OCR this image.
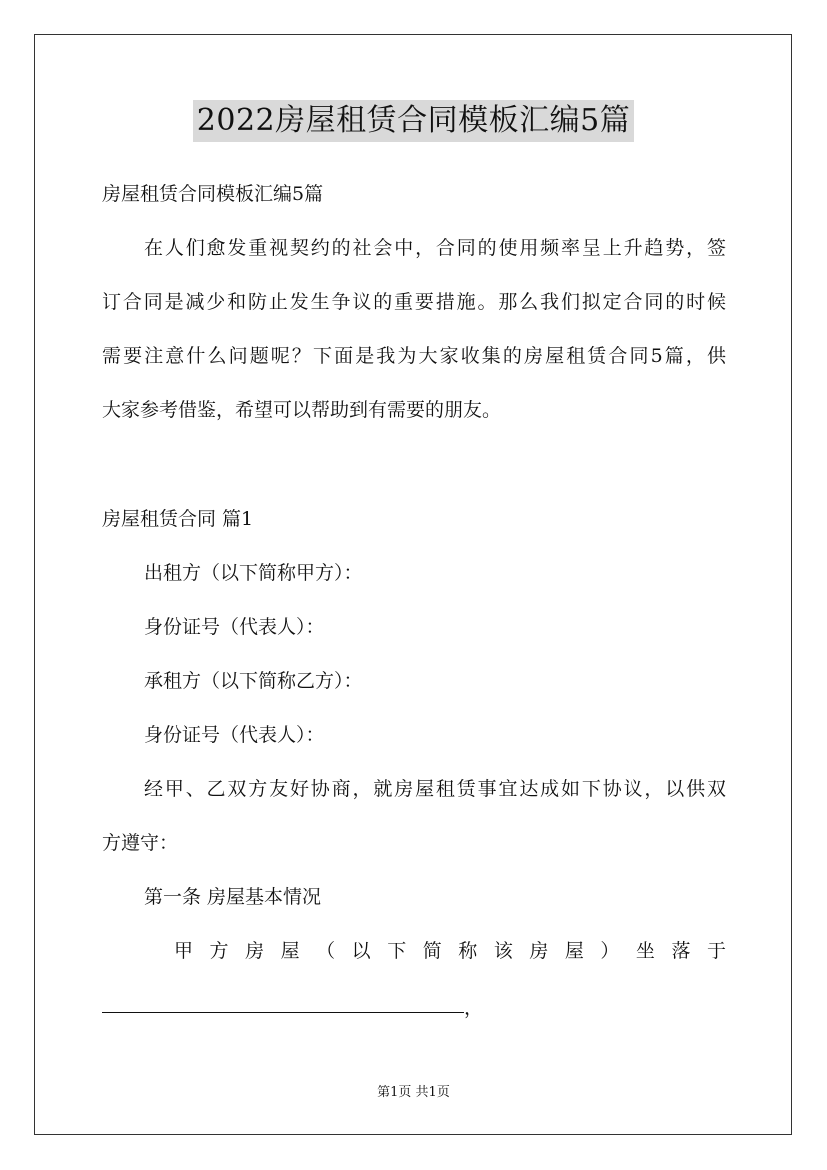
2022房屋租赁合同模板汇编5篇
房屋租赁合同模板汇编5篇
在人们愈发重视契约的社会中，合同的使用频率呈上升趋势，签
订合同是减少和防止发生争议的重要措施。那么我们拟定合同的时候
需要注意什么问题呢？下面是我为大家收集的房屋租赁合同5篇，供
大家参考借鉴，希望可以帮助到有需要的朋友。
房屋租赁合同 篇1
出租方（以下简称甲方）：
身份证号（代表人）：
承租方（以下简称乙方）：
身份证号（代表人）：
经甲、乙双方友好协商，就房屋租赁事宜达成如下协议，以供双
方遵守：
第一条 房屋基本情况
甲 方 房 屋 （ 以 下 简 称 该 房 屋 ） 坐 落 于
，
第1页 共1页
